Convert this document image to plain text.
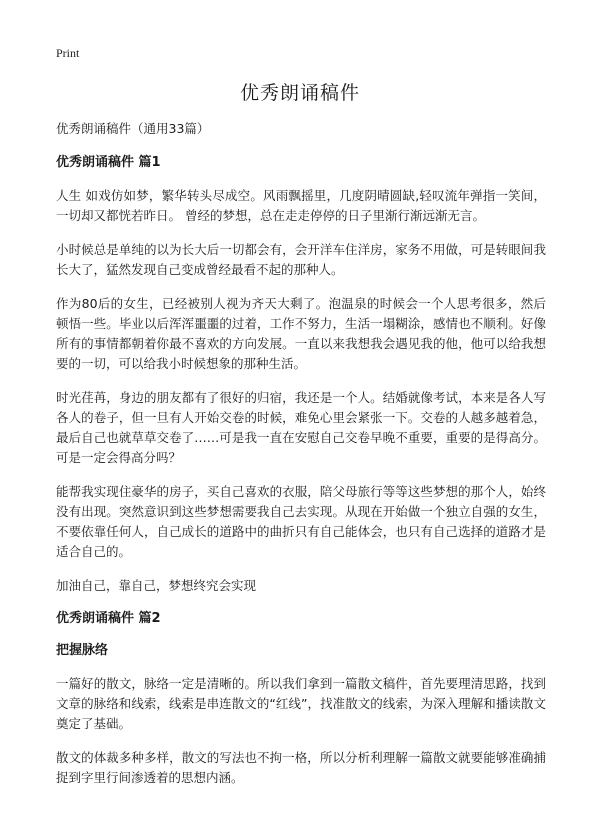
Print
优秀朗诵稿件
优秀朗诵稿件（通用33篇）
优秀朗诵稿件 篇1

人生 如戏仿如梦，繁华转头尽成空。风雨飘摇里，几度阴晴圆缺,轻叹流年弹指一笑间，一切却又都恍若昨日。 曾经的梦想，总在走走停停的日子里渐行渐远渐无言。

小时候总是单纯的以为长大后一切都会有，会开洋车住洋房，家务不用做，可是转眼间我长大了，猛然发现自己变成曾经最看不起的那种人。

作为80后的女生，已经被别人视为齐天大剩了。泡温泉的时候会一个人思考很多，然后顿悟一些。毕业以后浑浑噩噩的过着，工作不努力，生活一塌糊涂，感情也不顺利。好像所有的事情都朝着你最不喜欢的方向发展。一直以来我想我会遇见我的他，他可以给我想要的一切，可以给我小时候想象的那种生活。

时光荏苒，身边的朋友都有了很好的归宿，我还是一个人。结婚就像考试，本来是各人写各人的卷子，但一旦有人开始交卷的时候，难免心里会紧张一下。交卷的人越多越着急，最后自己也就草草交卷了……可是我一直在安慰自己交卷早晚不重要，重要的是得高分。可是一定会得高分吗？

能帮我实现住豪华的房子，买自己喜欢的衣服，陪父母旅行等等这些梦想的那个人，始终没有出现。突然意识到这些梦想需要我自己去实现。从现在开始做一个独立自强的女生，不要依靠任何人，自己成长的道路中的曲折只有自己能体会，也只有自己选择的道路才是适合自己的。

加油自己，靠自己，梦想终究会实现

优秀朗诵稿件 篇2
把握脉络

一篇好的散文，脉络一定是清晰的。所以我们拿到一篇散文稿件，首先要理清思路，找到文章的脉络和线索，线索是串连散文的“红线”，找准散文的线索，为深入理解和播读散文奠定了基础。

散文的体裁多种多样，散文的写法也不拘一格，所以分析利理解一篇散文就要能够准确捕捉到字里行间渗透着的思想内涵。
